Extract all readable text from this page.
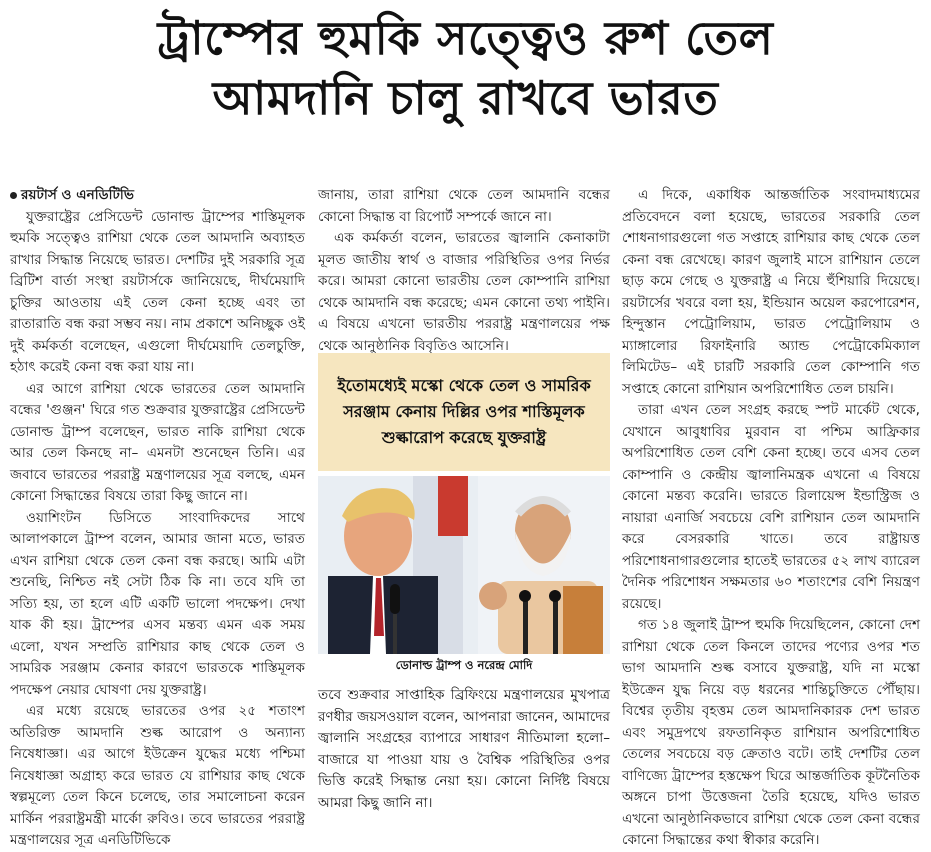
ট্রাম্পের হুমকি সত্ত্বেও রুশ তেল
আমদানি চালু রাখবে ভারত

রয়টার্স ও এনডিটিভি

যুক্তরাষ্ট্রের প্রেসিডেন্ট ডোনাল্ড ট্রাম্পের শাস্তিমূলক হুমকি সত্ত্বেও রাশিয়া থেকে তেল আমদানি অব্যাহত রাখার সিদ্ধান্ত নিয়েছে ভারত। দেশটির দুই সরকারি সূত্র ব্রিটিশ বার্তা সংস্থা রয়টার্সকে জানিয়েছে, দীর্ঘমেয়াদি চুক্তির আওতায় এই তেল কেনা হচ্ছে এবং তা রাতারাতি বন্ধ করা সম্ভব নয়। নাম প্রকাশে অনিচ্ছুক ওই দুই কর্মকর্তা বলেছেন, এগুলো দীর্ঘমেয়াদি তেলচুক্তি, হঠাৎ করেই কেনা বন্ধ করা যায় না।

এর আগে রাশিয়া থেকে ভারতের তেল আমদানি বন্ধের 'গুঞ্জন' ঘিরে গত শুক্রবার যুক্তরাষ্ট্রের প্রেসিডেন্ট ডোনাল্ড ট্রাম্প বলেছেন, ভারত নাকি রাশিয়া থেকে আর তেল কিনছে না– এমনটা শুনেছেন তিনি। এর জবাবে ভারতের পররাষ্ট্র মন্ত্রণালয়ের সূত্র বলছে, এমন কোনো সিদ্ধান্তের বিষয়ে তারা কিছু জানে না।

ওয়াশিংটন ডিসিতে সাংবাদিকদের সাথে আলাপকালে ট্রাম্প বলেন, আমার জানা মতে, ভারত এখন রাশিয়া থেকে তেল কেনা বন্ধ করছে। আমি এটা শুনেছি, নিশ্চিত নই সেটা ঠিক কি না। তবে যদি তা সত্যি হয়, তা হলে এটি একটি ভালো পদক্ষেপ। দেখা যাক কী হয়। ট্রাম্পের এসব মন্তব্য এমন এক সময় এলো, যখন সম্প্রতি রাশিয়ার কাছ থেকে তেল ও সামরিক সরঞ্জাম কেনার কারণে ভারতকে শাস্তিমূলক পদক্ষেপ নেয়ার ঘোষণা দেয় যুক্তরাষ্ট্র।

এর মধ্যে রয়েছে ভারতের ওপর ২৫ শতাংশ অতিরিক্ত আমদানি শুল্ক আরোপ ও অন্যান্য নিষেধাজ্ঞা। এর আগে ইউক্রেন যুদ্ধের মধ্যে পশ্চিমা নিষেধাজ্ঞা অগ্রাহ্য করে ভারত যে রাশিয়ার কাছ থেকে স্বল্পমূল্যে তেল কিনে চলেছে, তার সমালোচনা করেন মার্কিন পররাষ্ট্রমন্ত্রী মার্কো রুবিও। তবে ভারতের পররাষ্ট্র মন্ত্রণালয়ের সূত্র এনডিটিভিকে

জানায়, তারা রাশিয়া থেকে তেল আমদানি বন্ধের কোনো সিদ্ধান্ত বা রিপোর্ট সম্পর্কে জানে না।

এক কর্মকর্তা বলেন, ভারতের জ্বালানি কেনাকাটা মূলত জাতীয় স্বার্থ ও বাজার পরিস্থিতির ওপর নির্ভর করে। আমরা কোনো ভারতীয় তেল কোম্পানি রাশিয়া থেকে আমদানি বন্ধ করেছে; এমন কোনো তথ্য পাইনি। এ বিষয়ে এখনো ভারতীয় পররাষ্ট্র মন্ত্রণালয়ের পক্ষ থেকে আনুষ্ঠানিক বিবৃতিও আসেনি।

ইতোমধ্যেই মস্কো থেকে তেল ও সামরিক সরঞ্জাম কেনায় দিল্লির ওপর শাস্তিমূলক শুল্কারোপ করেছে যুক্তরাষ্ট্র
ডোনাল্ড ট্রাম্প ও নরেন্দ্র মোদি

তবে শুক্রবার সাপ্তাহিক ব্রিফিংয়ে মন্ত্রণালয়ের মুখপাত্র রণধীর জয়সওয়াল বলেন, আপনারা জানেন, আমাদের জ্বালানি সংগ্রহের ব্যাপারে সাধারণ নীতিমালা হলো– বাজারে যা পাওয়া যায় ও বৈশ্বিক পরিস্থিতির ওপর ভিত্তি করেই সিদ্ধান্ত নেয়া হয়। কোনো নির্দিষ্ট বিষয়ে আমরা কিছু জানি না।

এ দিকে, একাধিক আন্তর্জাতিক সংবাদমাধ্যমের প্রতিবেদনে বলা হয়েছে, ভারতের সরকারি তেল শোধনাগারগুলো গত সপ্তাহে রাশিয়ার কাছ থেকে তেল কেনা বন্ধ রেখেছে। কারণ জুলাই মাসে রাশিয়ান তেলে ছাড় কমে গেছে ও যুক্তরাষ্ট্র এ নিয়ে হুঁশিয়ারি দিয়েছে। রয়টার্সের খবরে বলা হয়, ইন্ডিয়ান অয়েল করপোরেশন, হিন্দুস্তান পেট্রোলিয়াম, ভারত পেট্রোলিয়াম ও ম্যাঙ্গালোর রিফাইনারি অ্যান্ড পেট্রোকেমিক্যাল লিমিটেড– এই চারটি সরকারি তেল কোম্পানি গত সপ্তাহে কোনো রাশিয়ান অপরিশোধিত তেল চায়নি।

তারা এখন তেল সংগ্রহ করছে স্পট মার্কেট থেকে, যেখানে আবুধাবির মুরবান বা পশ্চিম আফ্রিকার অপরিশোধিত তেল বেশি কেনা হচ্ছে। তবে এসব তেল কোম্পানি ও কেন্দ্রীয় জ্বালানিমন্ত্রক এখনো এ বিষয়ে কোনো মন্তব্য করেনি। ভারতে রিলায়েন্স ইন্ডাস্ট্রিজ ও নায়ারা এনার্জি সবচেয়ে বেশি রাশিয়ান তেল আমদানি করে বেসরকারি খাতে। তবে রাষ্ট্রায়ত্ত পরিশোধনাগারগুলোর হাতেই ভারতের ৫২ লাখ ব্যারেল দৈনিক পরিশোধন সক্ষমতার ৬০ শতাংশের বেশি নিয়ন্ত্রণ রয়েছে।

গত ১৪ জুলাই ট্রাম্প হুমকি দিয়েছিলেন, কোনো দেশ রাশিয়া থেকে তেল কিনলে তাদের পণ্যের ওপর শত ভাগ আমদানি শুল্ক বসাবে যুক্তরাষ্ট্র, যদি না মস্কো ইউক্রেন যুদ্ধ নিয়ে বড় ধরনের শান্তিচুক্তিতে পৌঁছায়। বিশ্বের তৃতীয় বৃহত্তম তেল আমদানিকারক দেশ ভারত এবং সমুদ্রপথে রফতানিকৃত রাশিয়ান অপরিশোধিত তেলের সবচেয়ে বড় ক্রেতাও বটে। তাই দেশটির তেল বাণিজ্যে ট্রাম্পের হস্তক্ষেপ ঘিরে আন্তর্জাতিক কূটনৈতিক অঙ্গনে চাপা উত্তেজনা তৈরি হয়েছে, যদিও ভারত এখনো আনুষ্ঠানিকভাবে রাশিয়া থেকে তেল কেনা বন্ধের কোনো সিদ্ধান্তের কথা স্বীকার করেনি।
